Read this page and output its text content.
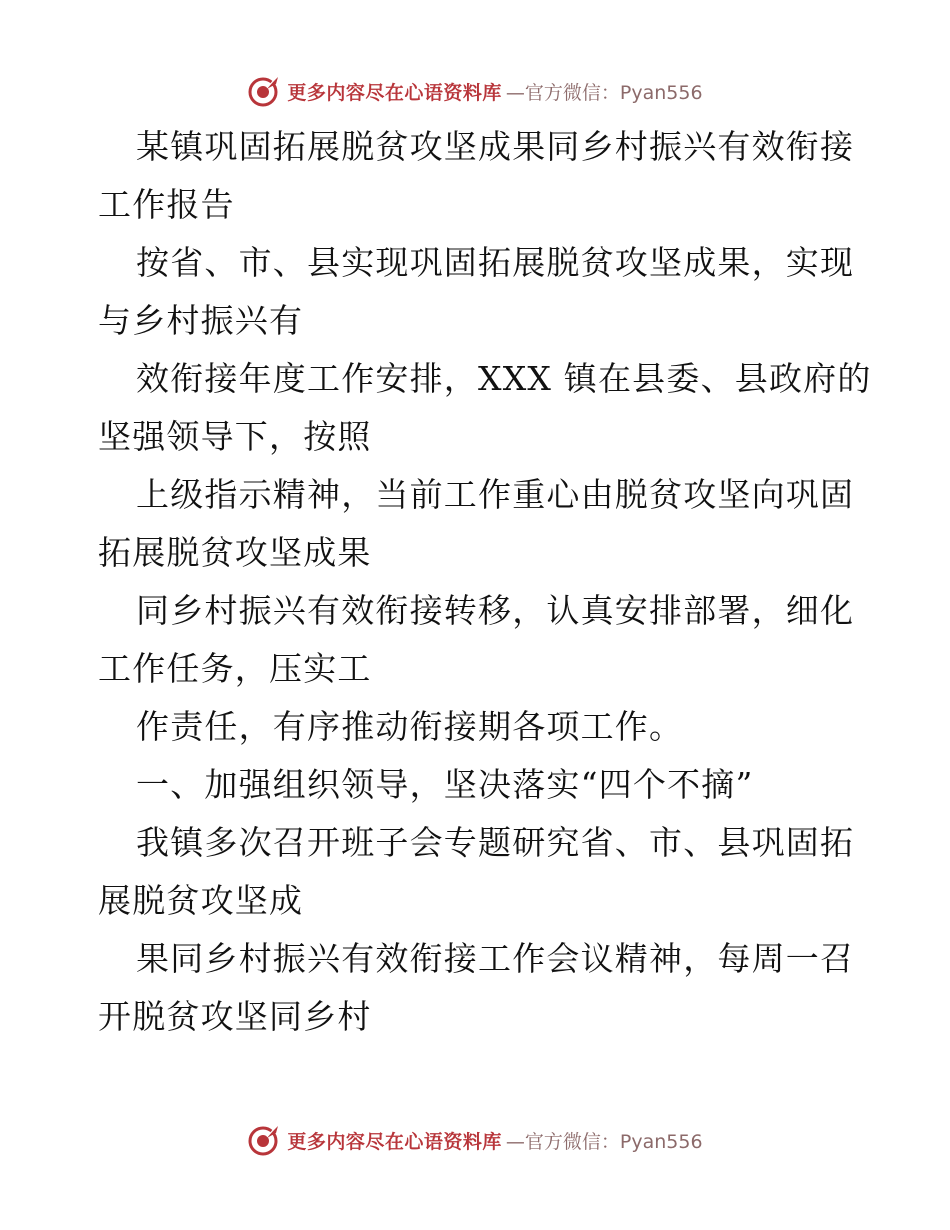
更多内容尽在心语资料库 —官方微信：Pyan556
某镇巩固拓展脱贫攻坚成果同乡村振兴有效衔接
工作报告
按省、市、县实现巩固拓展脱贫攻坚成果，实现
与乡村振兴有
效衔接年度工作安排，XXX 镇在县委、县政府的
坚强领导下，按照
上级指示精神，当前工作重心由脱贫攻坚向巩固
拓展脱贫攻坚成果
同乡村振兴有效衔接转移，认真安排部署，细化
工作任务，压实工
作责任，有序推动衔接期各项工作。
一、加强组织领导，坚决落实“四个不摘”
我镇多次召开班子会专题研究省、市、县巩固拓
展脱贫攻坚成
果同乡村振兴有效衔接工作会议精神，每周一召
开脱贫攻坚同乡村
更多内容尽在心语资料库 —官方微信：Pyan556
